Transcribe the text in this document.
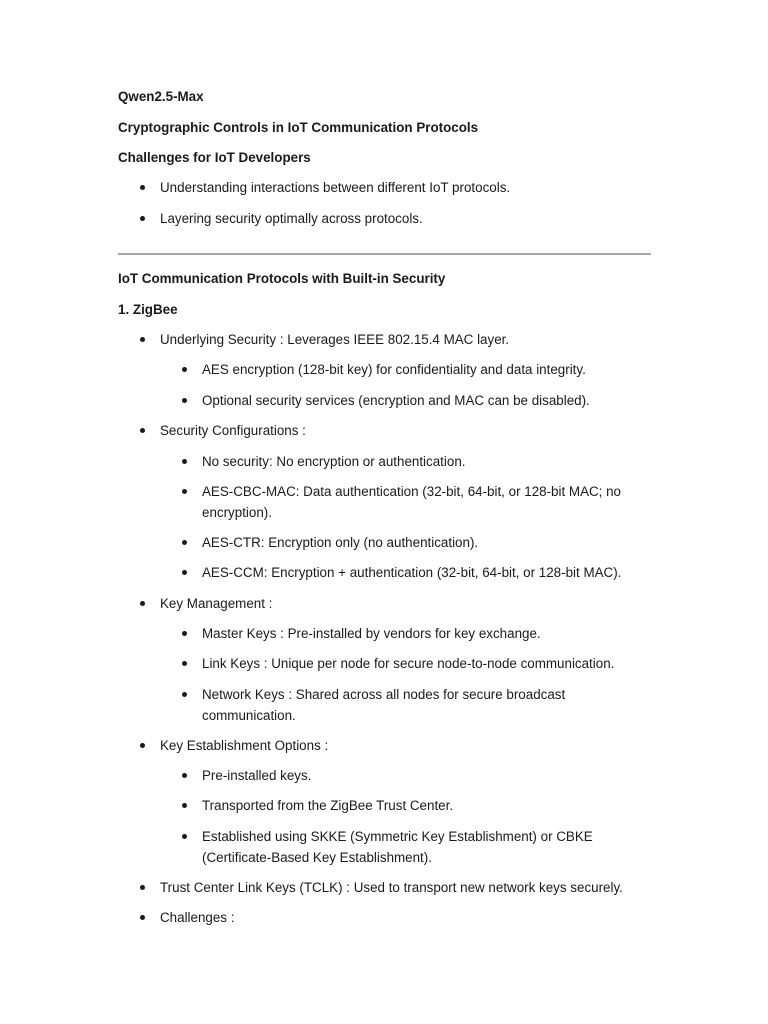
Qwen2.5-Max

Cryptographic Controls in IoT Communication Protocols

Challenges for IoT Developers

Understanding interactions between different IoT protocols.
Layering security optimally across protocols.

IoT Communication Protocols with Built-in Security

1. ZigBee

Underlying Security : Leverages IEEE 802.15.4 MAC layer.
AES encryption (128-bit key) for confidentiality and data integrity.
Optional security services (encryption and MAC can be disabled).
Security Configurations :
No security: No encryption or authentication.
AES-CBC-MAC: Data authentication (32-bit, 64-bit, or 128-bit MAC; no encryption).
AES-CTR: Encryption only (no authentication).
AES-CCM: Encryption + authentication (32-bit, 64-bit, or 128-bit MAC).
Key Management :
Master Keys : Pre-installed by vendors for key exchange.
Link Keys : Unique per node for secure node-to-node communication.
Network Keys : Shared across all nodes for secure broadcast communication.
Key Establishment Options :
Pre-installed keys.
Transported from the ZigBee Trust Center.
Established using SKKE (Symmetric Key Establishment) or CBKE (Certificate-Based Key Establishment).
Trust Center Link Keys (TCLK) : Used to transport new network keys securely.
Challenges :
